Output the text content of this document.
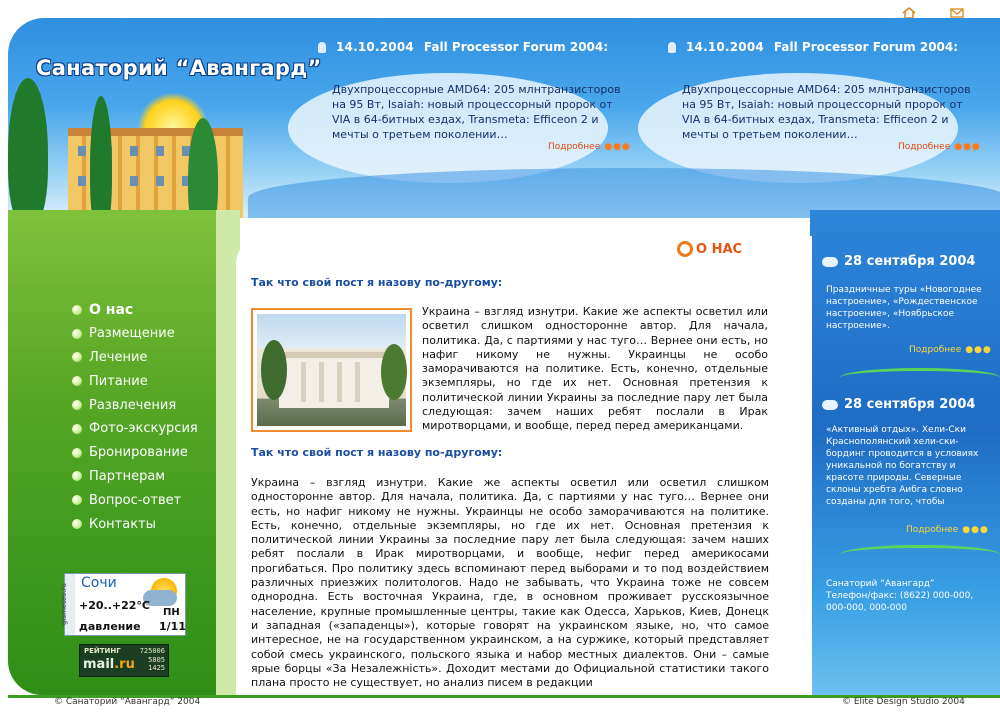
Санаторий “Авангард”
14.10.2004 Fall Processor Forum 2004:
Двухпроцессорные AMD64: 205 млнтранзисторов на 95 Вт, Isaiah: новый процессорный пророк от VIA в 64-битных ездах, Transmeta: Efficeon 2 и мечты о третьем поколении…
Подробнее ●●●
14.10.2004 Fall Processor Forum 2004:
Двухпроцессорные AMD64: 205 млнтранзисторов на 95 Вт, Isaiah: новый процессорный пророк от VIA в 64-битных ездах, Transmeta: Efficeon 2 и мечты о третьем поколении…
Подробнее ●●●
О нас
Размещение
Лечение
Питание
Развлечения
Фото-экскурсия
Бронирование
Партнерам
Вопрос-ответ
Контакты
gismeteo.ru
Сочи
+20..+22°C
ПН
давление 1/11
РЕЙТИНГ
mail.ru
725006
5805
1425
28 сентября 2004
Праздничные туры «Новогоднее настроение», «Рождественское настроение», «Ноябрьское настроение».
Подробнее ●●●
28 сентября 2004
«Активный отдых». Хели-Ски Краснополянский хели-ски-бординг проводится в условиях уникальной по богатству и красоте природы. Северные склоны хребта Аибга словно созданы для того, чтобы
Подробнее ●●●
Санаторий “Авангард”
Телефон/факс: (8622) 000-000, 000-000, 000-000
О НАС
Так что свой пост я назову по-другому:
Украина – взгляд изнутри. Какие же аспекты осветил или осветил слишком односторонне автор. Для начала, политика. Да, с партиями у нас туго… Вернее они есть, но нафиг никому не нужны. Украинцы не особо заморачиваются на политике. Есть, конечно, отдельные экземпляры, но где их нет. Основная претензия к политической линии Украины за последние пару лет была следующая: зачем наших ребят послали в Ирак миротворцами, и вообще, перед перед американцами.
Так что свой пост я назову по-другому:
Украина – взгляд изнутри. Какие же аспекты осветил или осветил слишком односторонне автор. Для начала, политика. Да, с партиями у нас туго… Вернее они есть, но нафиг никому не нужны. Украинцы не особо заморачиваются на политике. Есть, конечно, отдельные экземпляры, но где их нет. Основная претензия к политической линии Украины за последние пару лет была следующая: зачем наших ребят послали в Ирак миротворцами, и вообще, нефиг перед америкосами прогибаться. Про политику здесь вспоминают перед выборами и то под воздействием различных приезжих политологов. Надо не забывать, что Украина тоже не совсем однородна. Есть восточная Украина, где, в основном проживает русскоязычное население, крупные промышленные центры, такие как Одесса, Харьков, Киев, Донецк и западная («западенцы»), которые говорят на украинском языке, но, что самое интересное, не на государственном украинском, а на суржике, который представляет собой смесь украинского, польского языка и набор местных диалектов. Они – самые ярые борцы «За Незалежність». Доходит местами до Официальной статистики такого плана просто не существует, но анализ писем в редакции
© Санаторий “Авангард” 2004	© Elite Design Studio 2004
